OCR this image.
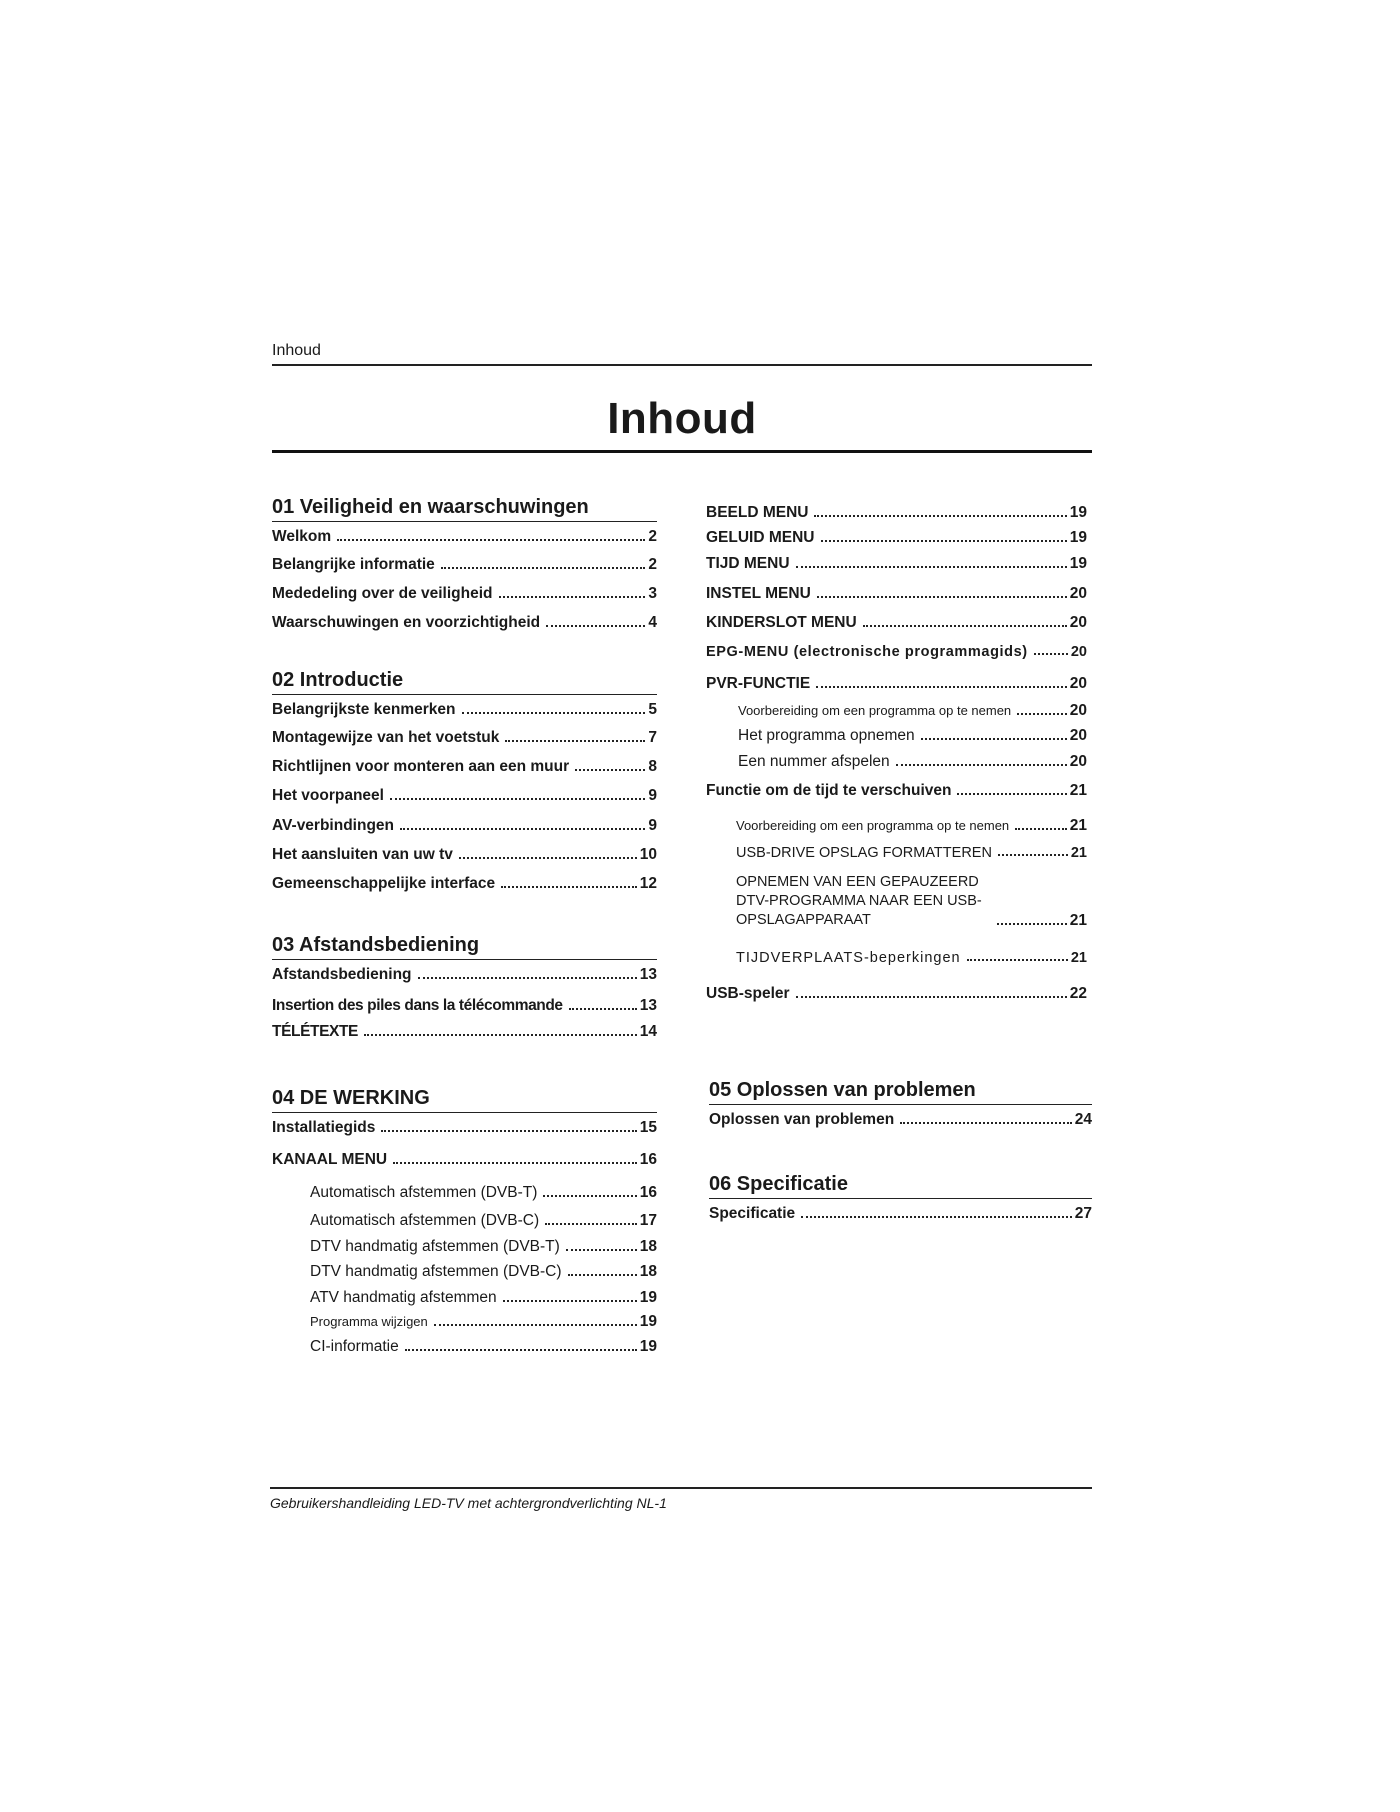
Inhoud
Inhoud
01 Veiligheid en waarschuwingen
Welkom	2
Belangrijke informatie	2
Mededeling over de veiligheid	3
Waarschuwingen en voorzichtigheid	4
02 Introductie
Belangrijkste kenmerken	5
Montagewijze van het voetstuk	7
Richtlijnen voor monteren aan een muur	8
Het voorpaneel	9
AV-verbindingen	9
Het aansluiten van uw tv	10
Gemeenschappelijke interface	12
03 Afstandsbediening
Afstandsbediening	13
Insertion des piles dans la télécommande	13
TÉLÉTEXTE	14
04 DE WERKING
Installatiegids	15
KANAAL MENU	16
Automatisch afstemmen (DVB-T)	16
Automatisch afstemmen (DVB-C)	17
DTV handmatig afstemmen (DVB-T)	18
DTV handmatig afstemmen (DVB-C)	18
ATV handmatig afstemmen	19
Programma wijzigen	19
CI-informatie	19
BEELD MENU	19
GELUID MENU	19
TIJD MENU	19
INSTEL MENU	20
KINDERSLOT MENU	20
EPG-MENU (electronische programmagids)	20
PVR-FUNCTIE	20
Voorbereiding om een programma op te nemen	20
Het programma opnemen	20
Een nummer afspelen	20
Functie om de tijd te verschuiven	21
Voorbereiding om een programma op te nemen	21
USB-DRIVE OPSLAG FORMATTEREN	21
OPNEMEN VAN EEN GEPAUZEERD DTV-PROGRAMMA NAAR EEN USB-OPSLAGAPPARAAT	21
TIJDVERPLAATS-beperkingen	21
USB-speler	22
05 Oplossen van problemen
Oplossen van problemen	24
06 Specificatie
Specificatie	27
Gebruikershandleiding LED-TV met achtergrondverlichting NL-1
